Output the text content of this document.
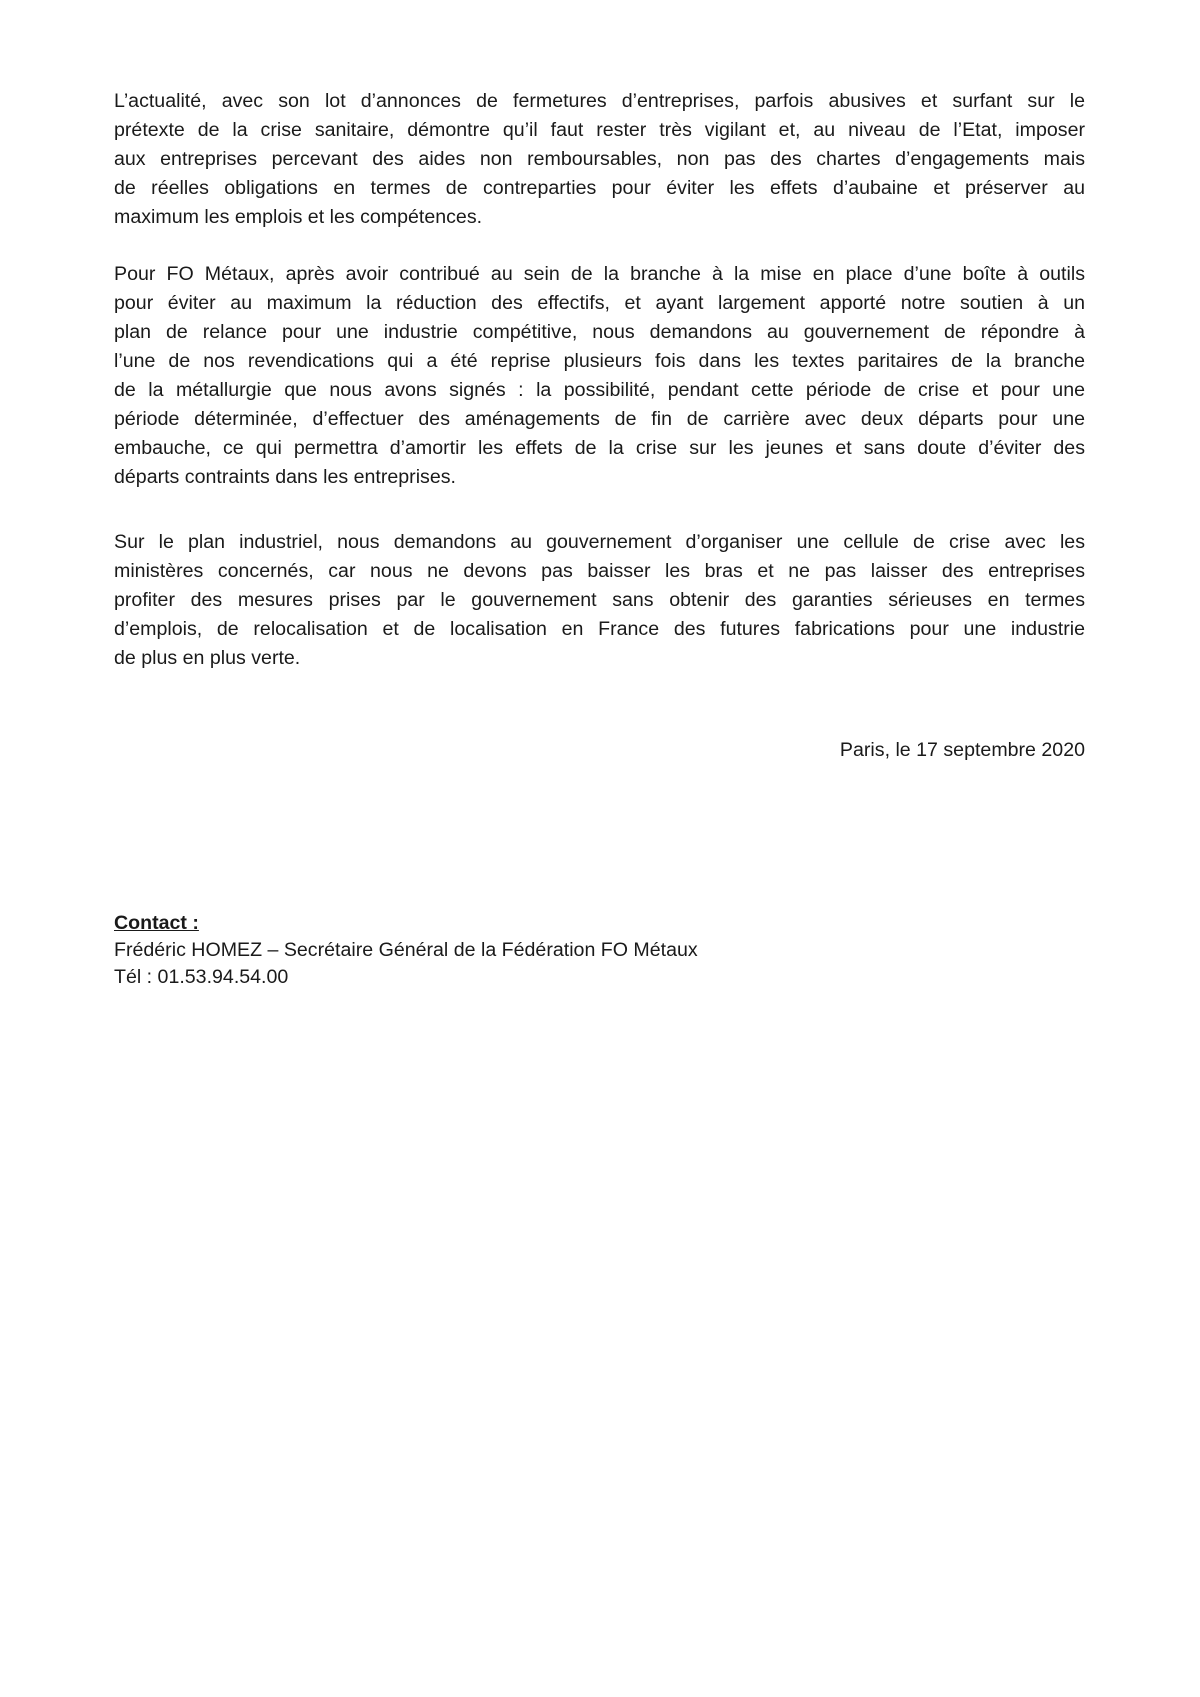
L’actualité, avec son lot d’annonces de fermetures d’entreprises, parfois abusives et surfant sur le
prétexte de la crise sanitaire, démontre qu’il faut rester très vigilant et, au niveau de l’Etat, imposer
aux entreprises percevant des aides non remboursables, non pas des chartes d’engagements mais
de réelles obligations en termes de contreparties pour éviter les effets d’aubaine et préserver au
maximum les emplois et les compétences.
Pour FO Métaux, après avoir contribué au sein de la branche à la mise en place d’une boîte à outils
pour éviter au maximum la réduction des effectifs, et ayant largement apporté notre soutien à un
plan de relance pour une industrie compétitive, nous demandons au gouvernement de répondre à
l’une de nos revendications qui a été reprise plusieurs fois dans les textes paritaires de la branche
de la métallurgie que nous avons signés : la possibilité, pendant cette période de crise et pour une
période déterminée, d’effectuer des aménagements de fin de carrière avec deux départs pour une
embauche, ce qui permettra d’amortir les effets de la crise sur les jeunes et sans doute d’éviter des
départs contraints dans les entreprises.
Sur le plan industriel, nous demandons au gouvernement d’organiser une cellule de crise avec les
ministères concernés, car nous ne devons pas baisser les bras et ne pas laisser des entreprises
profiter des mesures prises par le gouvernement sans obtenir des garanties sérieuses en termes
d’emplois, de relocalisation et de localisation en France des futures fabrications pour une industrie
de plus en plus verte.
Paris, le 17 septembre 2020
Contact :
Frédéric HOMEZ – Secrétaire Général de la Fédération FO Métaux
Tél : 01.53.94.54.00
